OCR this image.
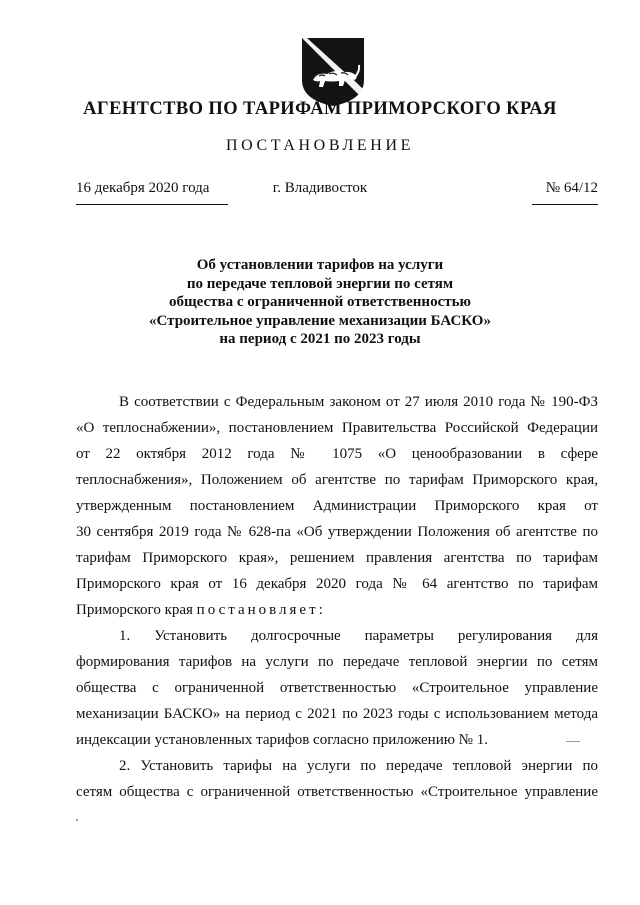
АГЕНТСТВО ПО ТАРИФАМ ПРИМОРСКОГО КРАЯ
ПОСТАНОВЛЕНИЕ
16 декабря 2020 года	г. Владивосток	№ 64/12
Об установлении тарифов на услуги
по передаче тепловой энергии по сетям
общества с ограниченной ответственностью
«Строительное управление механизации БАСКО»
на период с 2021 по 2023 годы
В соответствии с Федеральным законом от 27 июля 2010 года № 190-ФЗ
«О теплоснабжении», постановлением Правительства Российской Федерации
от 22 октября 2012 года № 1075 «О ценообразовании в сфере
теплоснабжения», Положением об агентстве по тарифам Приморского края,
утвержденным постановлением Администрации Приморского края от
30 сентября 2019 года № 628-па «Об утверждении Положения об агентстве по
тарифам Приморского края», решением правления агентства по тарифам
Приморского края от 16 декабря 2020 года № 64 агентство по тарифам
Приморского края постановляет:
1. Установить долгосрочные параметры регулирования для
формирования тарифов на услуги по передаче тепловой энергии по сетям
общества с ограниченной ответственностью «Строительное управление
механизации БАСКО» на период с 2021 по 2023 годы с использованием метода
индексации установленных тарифов согласно приложению № 1.
2. Установить тарифы на услуги по передаче тепловой энергии по
сетям общества с ограниченной ответственностью «Строительное управление
